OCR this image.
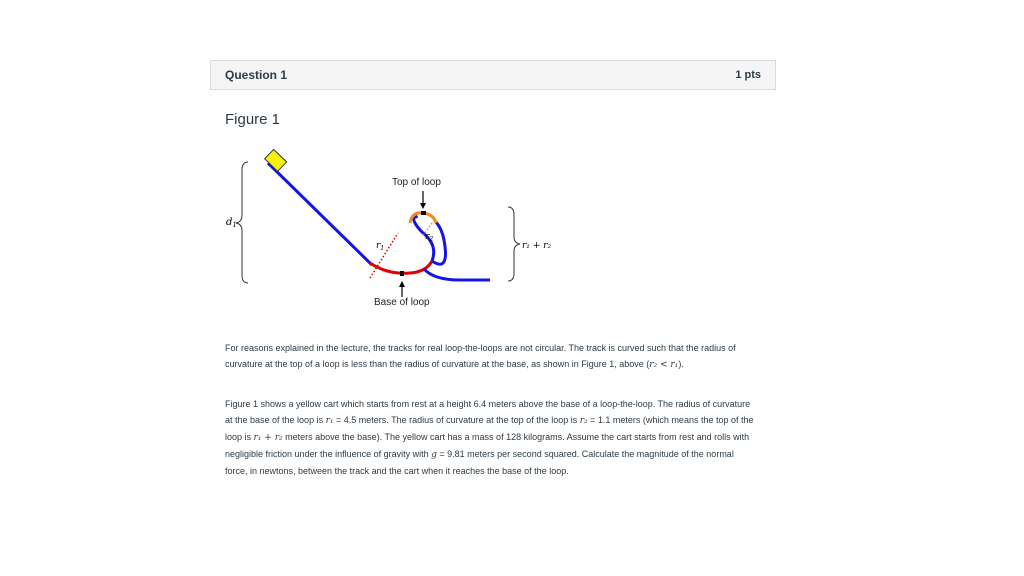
Question 1	1 pts
Figure 1
$d_1$
$r_1$
$r_2$
Top of loop
Base of loop
r₁ + r₂

For reasons explained in the lecture, the tracks for real loop-the-loops are not circular. The track is curved such that the radius of curvature at the top of a loop is less than the radius of curvature at the base, as shown in Figure 1, above (r₂ < r₁).

Figure 1 shows a yellow cart which starts from rest at a height 6.4 meters above the base of a loop-the-loop. The radius of curvature at the base of the loop is r₁ = 4.5 meters. The radius of curvature at the top of the loop is r₂ = 1.1 meters (which means the top of the loop is r₁ + r₂ meters above the base). The yellow cart has a mass of 128 kilograms. Assume the cart starts from rest and rolls with negligible friction under the influence of gravity with g = 9.81 meters per second squared. Calculate the magnitude of the normal force, in newtons, between the track and the cart when it reaches the base of the loop.
